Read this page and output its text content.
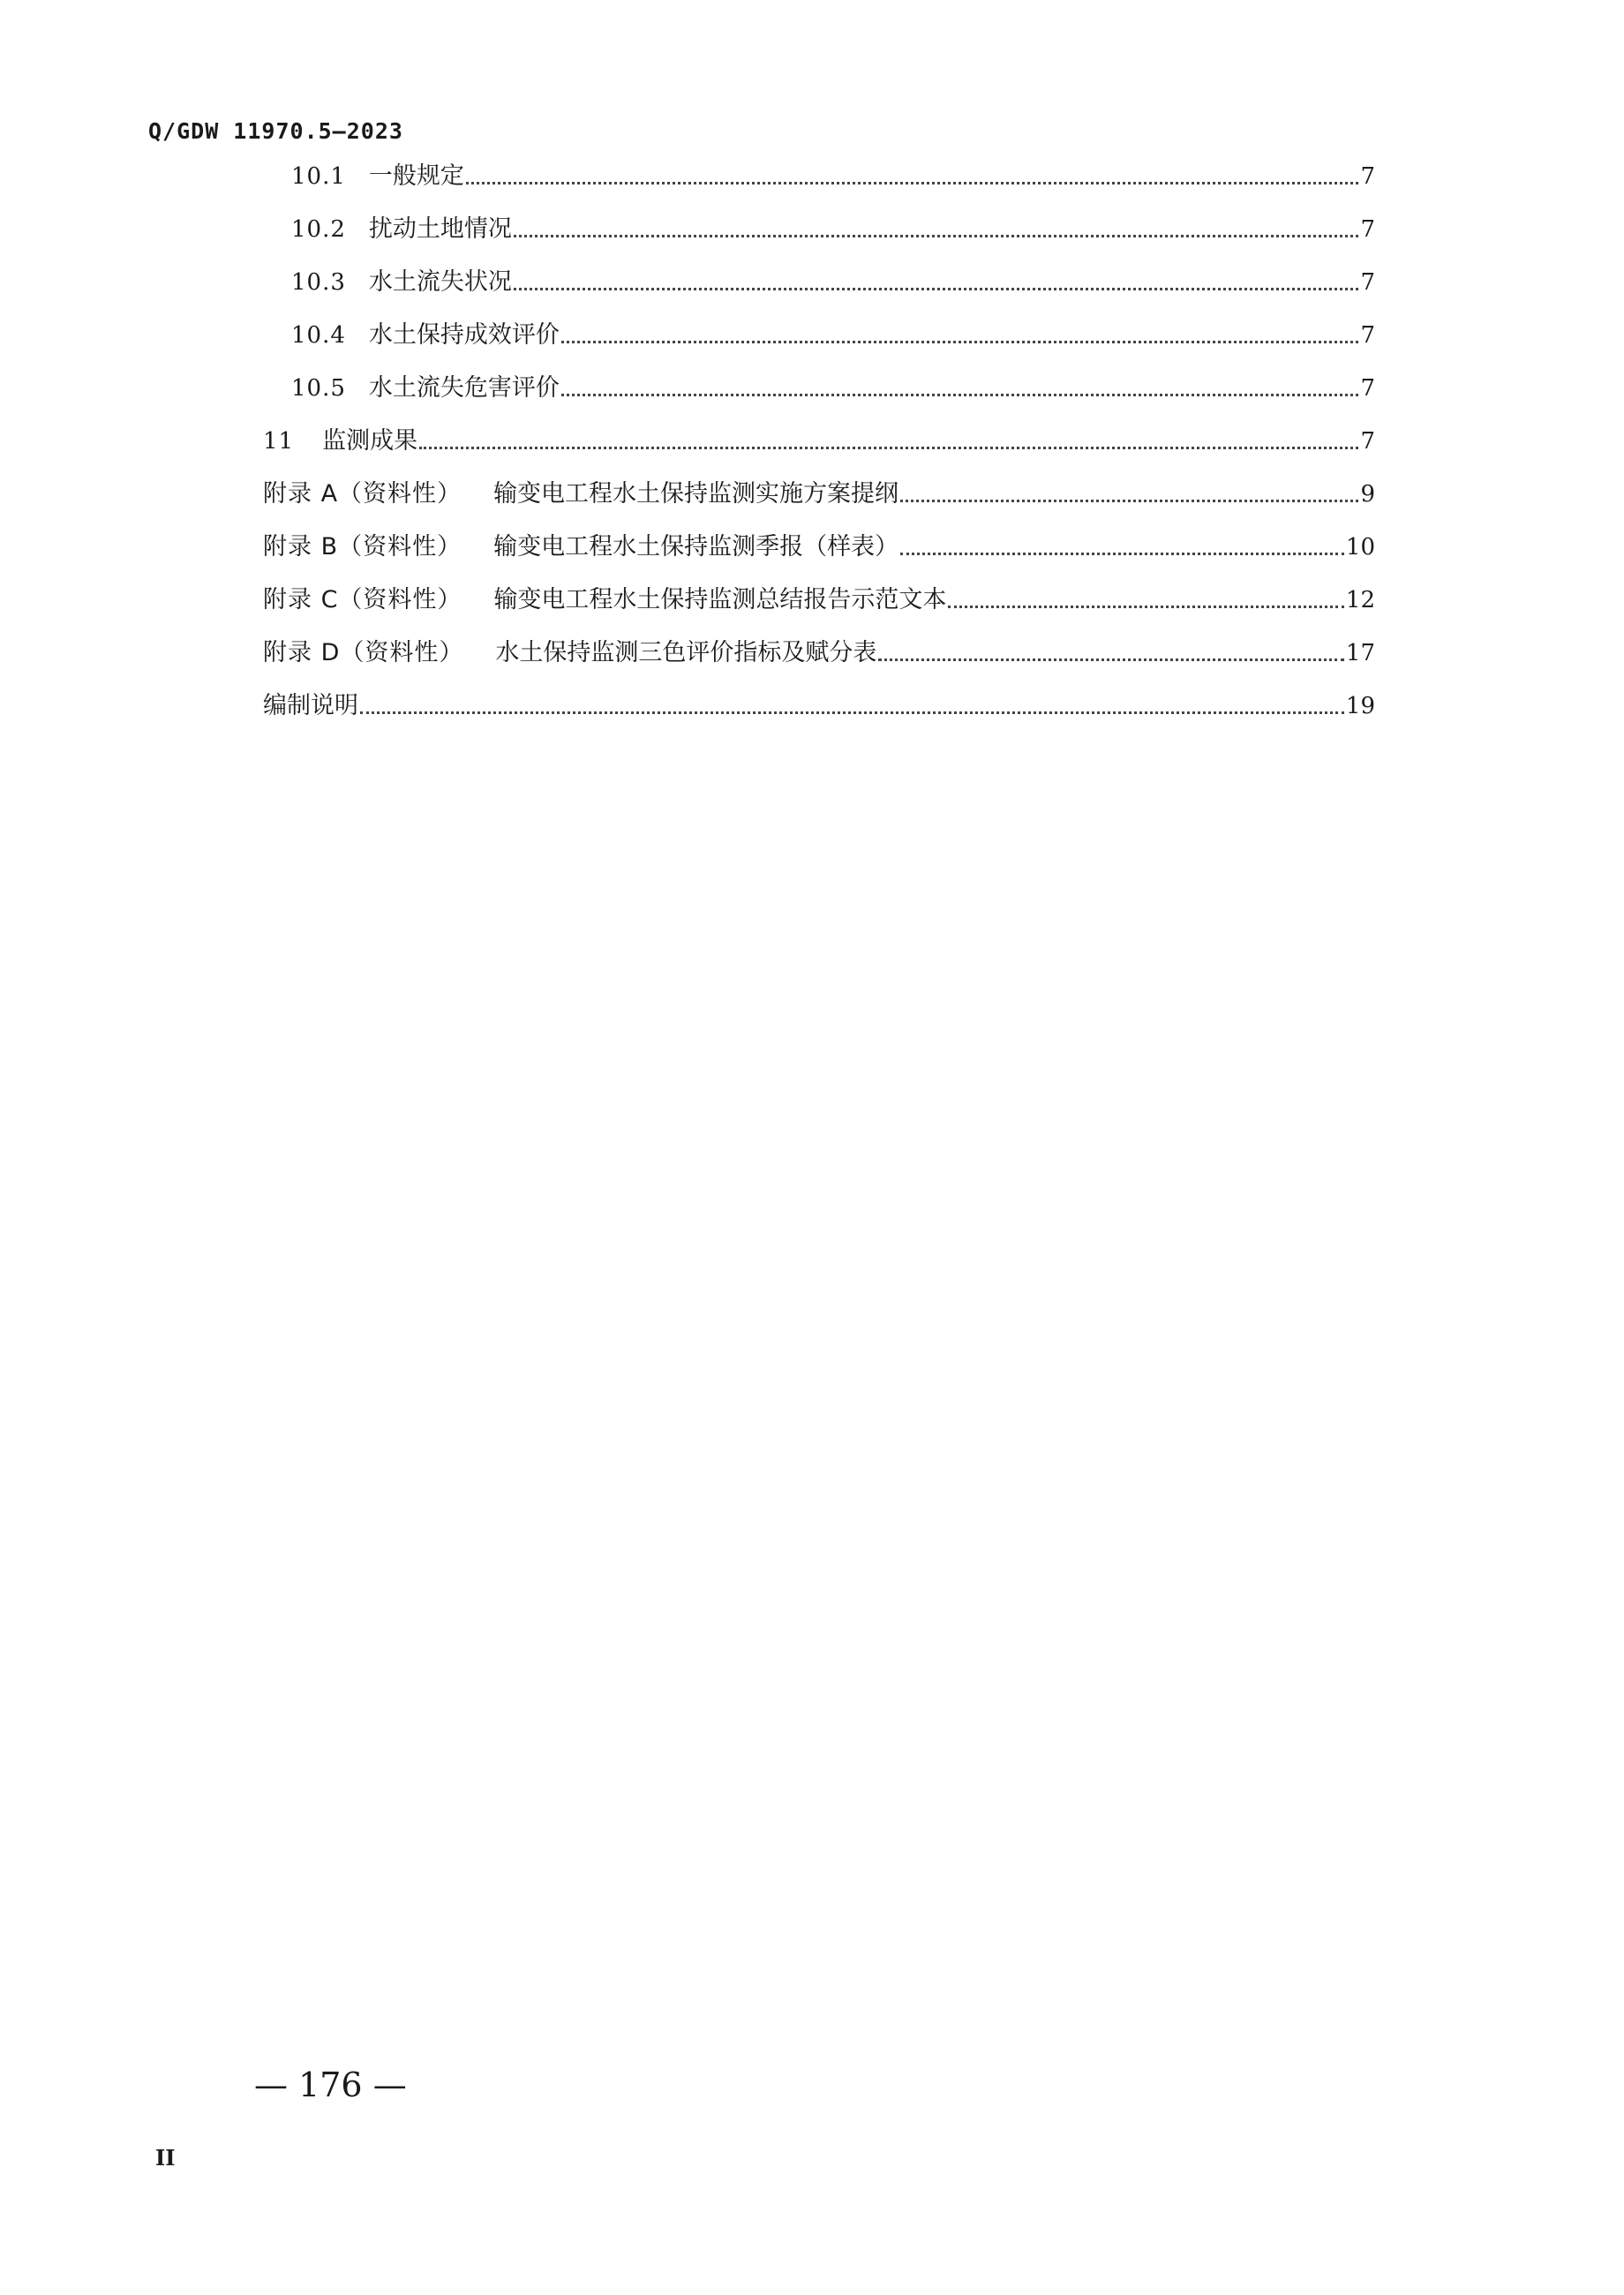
Q/GDW 11970.5—2023
10.1 一般规定	7
10.2 扰动土地情况	7
10.3 水土流失状况	7
10.4 水土保持成效评价	7
10.5 水土流失危害评价	7
11 监测成果	7
附录 A（资料性） 输变电工程水土保持监测实施方案提纲	9
附录 B（资料性） 输变电工程水土保持监测季报（样表）	10
附录 C（资料性） 输变电工程水土保持监测总结报告示范文本	12
附录 D（资料性） 水土保持监测三色评价指标及赋分表	17
编制说明	19
— 176 —
II
